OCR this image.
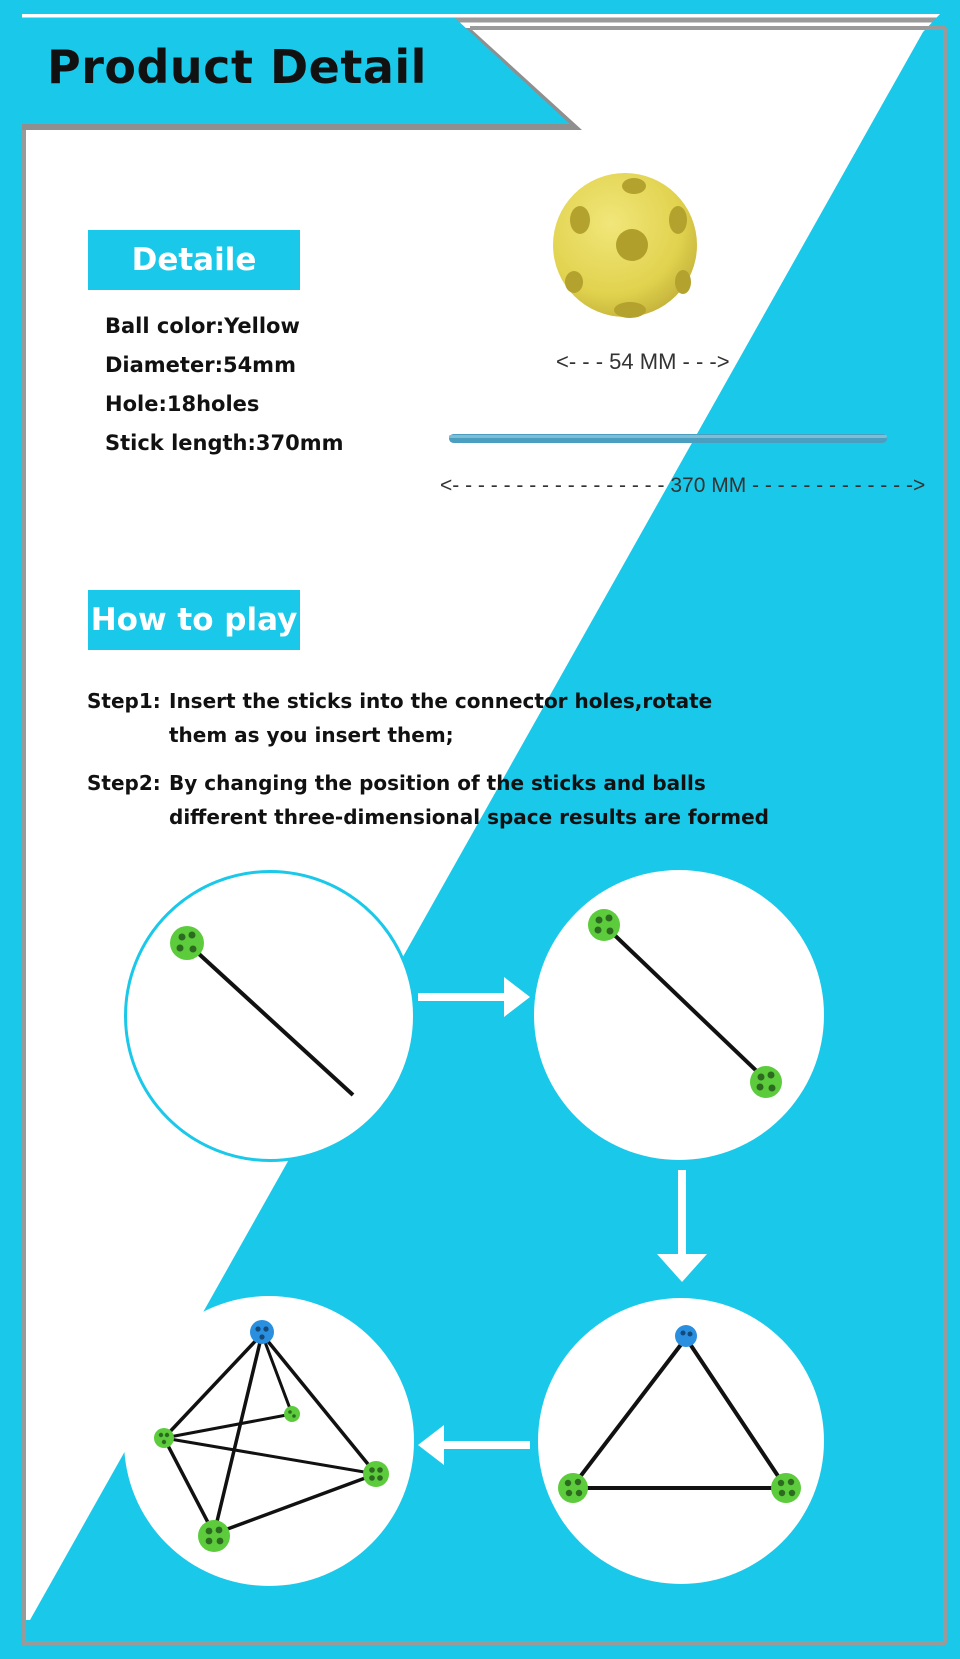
Product Detail
Detaile
Ball color:Yellow
Diameter:54mm
Hole:18holes
Stick length:370mm
<- - - 54 MM - - ->
<- - - - - - - - - - - - - - - - - 370 MM - - - - - - - - - - - - ->
How to play
Step1: Insert the sticks into the connector holes,rotate
them as you insert them;
Step2: By changing the position of the sticks and balls
different three-dimensional space results are formed
